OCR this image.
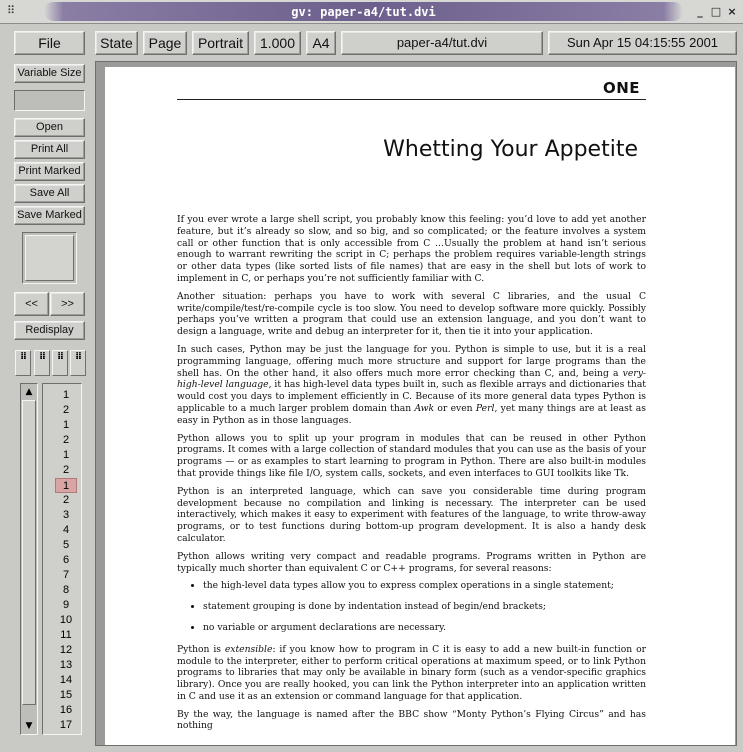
⠿	gv: paper-a4/tut.dvi	_ □ ×
File	State	Page	Portrait	1.000	A4	paper-a4/tut.dvi	Sun Apr 15 04:15:55 2001
Variable Size
Open
Print All
Print Marked
Save All
Save Marked
<<	>>
Redisplay
⁞⁞	⁞⁞	⁞⁞	⁞⁞
▲
▼
1
2
1
2
1
2
1
2
3
4
5
6
7
8
9
10
11
12
13
14
15
16
17
ONE
Whetting Your Appetite

If you ever wrote a large shell script, you probably know this feeling: you’d love to add yet another feature, but it’s already so slow, and so big, and so complicated; or the feature involves a system call or other function that is only accessible from C …Usually the problem at hand isn’t serious enough to warrant rewriting the script in C; perhaps the problem requires variable-length strings or other data types (like sorted lists of file names) that are easy in the shell but lots of work to implement in C, or perhaps you’re not sufficiently familiar with C.

Another situation: perhaps you have to work with several C libraries, and the usual C write/compile/test/re-compile cycle is too slow. You need to develop software more quickly. Possibly perhaps you’ve written a program that could use an extension language, and you don’t want to design a language, write and debug an interpreter for it, then tie it into your application.

In such cases, Python may be just the language for you. Python is simple to use, but it is a real programming language, offering much more structure and support for large programs than the shell has. On the other hand, it also offers much more error checking than C, and, being a very-high-level language, it has high-level data types built in, such as flexible arrays and dictionaries that would cost you days to implement efficiently in C. Because of its more general data types Python is applicable to a much larger problem domain than Awk or even Perl, yet many things are at least as easy in Python as in those languages.

Python allows you to split up your program in modules that can be reused in other Python programs. It comes with a large collection of standard modules that you can use as the basis of your programs — or as examples to start learning to program in Python. There are also built-in modules that provide things like file I/O, system calls, sockets, and even interfaces to GUI toolkits like Tk.

Python is an interpreted language, which can save you considerable time during program development because no compilation and linking is necessary. The interpreter can be used interactively, which makes it easy to experiment with features of the language, to write throw-away programs, or to test functions during bottom-up program development. It is also a handy desk calculator.

Python allows writing very compact and readable programs. Programs written in Python are typically much shorter than equivalent C or C++ programs, for several reasons:

• the high-level data types allow you to express complex operations in a single statement;
• statement grouping is done by indentation instead of begin/end brackets;
• no variable or argument declarations are necessary.

Python is extensible: if you know how to program in C it is easy to add a new built-in function or module to the interpreter, either to perform critical operations at maximum speed, or to link Python programs to libraries that may only be available in binary form (such as a vendor-specific graphics library). Once you are really hooked, you can link the Python interpreter into an application written in C and use it as an extension or command language for that application.

By the way, the language is named after the BBC show “Monty Python’s Flying Circus” and has nothing
